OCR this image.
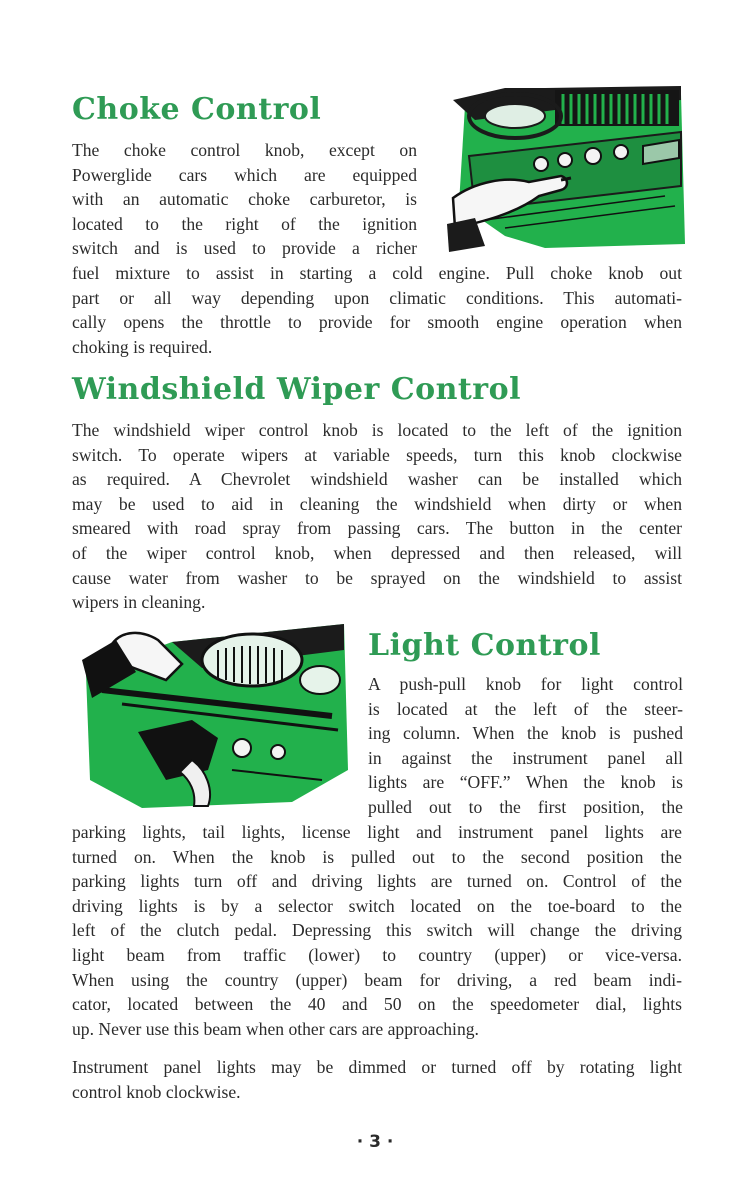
Choke Control
The choke control knob, except on
Powerglide cars which are equipped
with an automatic choke carburetor, is
located to the right of the ignition
switch and is used to provide a richer
fuel mixture to assist in starting a cold engine. Pull choke knob out
part or all way depending upon climatic conditions. This automati-
cally opens the throttle to provide for smooth engine operation when
choking is required.
Windshield Wiper Control
The windshield wiper control knob is located to the left of the ignition
switch. To operate wipers at variable speeds, turn this knob clockwise
as required. A Chevrolet windshield washer can be installed which
may be used to aid in cleaning the windshield when dirty or when
smeared with road spray from passing cars. The button in the center
of the wiper control knob, when depressed and then released, will
cause water from washer to be sprayed on the windshield to assist
wipers in cleaning.
Light Control
A push-pull knob for light control
is located at the left of the steer-
ing column. When the knob is pushed
in against the instrument panel all
lights are “OFF.” When the knob is
pulled out to the first position, the
parking lights, tail lights, license light and instrument panel lights are
turned on. When the knob is pulled out to the second position the
parking lights turn off and driving lights are turned on. Control of the
driving lights is by a selector switch located on the toe-board to the
left of the clutch pedal. Depressing this switch will change the driving
light beam from traffic (lower) to country (upper) or vice-versa.
When using the country (upper) beam for driving, a red beam indi-
cator, located between the 40 and 50 on the speedometer dial, lights
up. Never use this beam when other cars are approaching.
Instrument panel lights may be dimmed or turned off by rotating light
control knob clockwise.
· 3 ·
